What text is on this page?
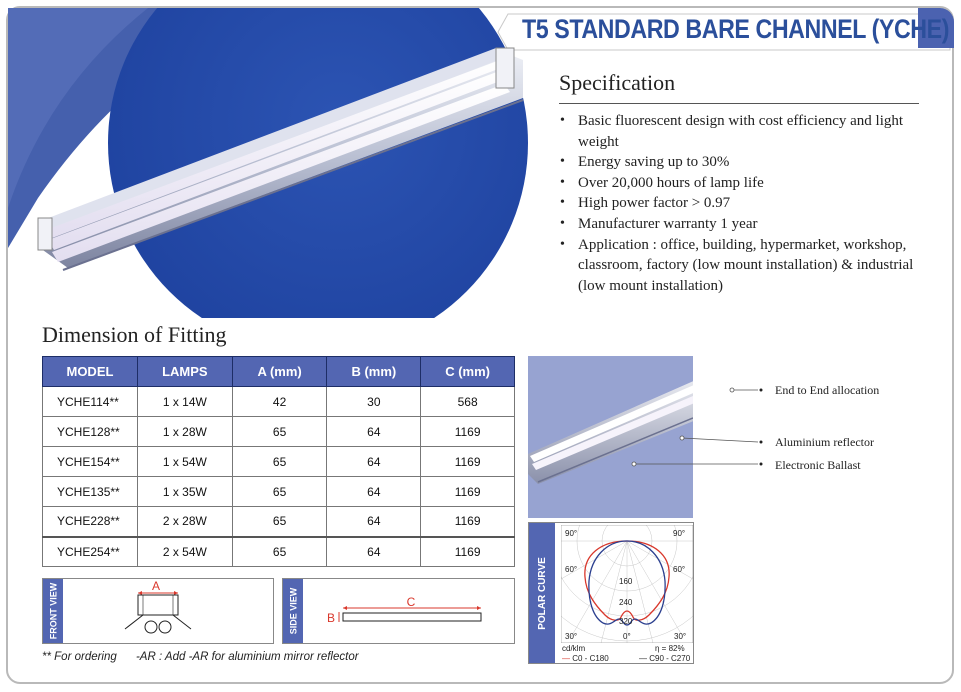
T5 STANDARD BARE CHANNEL (YCHE)
Specification
• Basic fluorescent design with cost efficiency and light weight
• Energy saving up to 30%
• Over 20,000 hours of lamp life
• High power factor > 0.97
• Manufacturer warranty 1 year
• Application : office, building, hypermarket, workshop, classroom, factory (low mount installation) & industrial (low mount installation)
Dimension of Fitting
MODEL	LAMPS	A (mm)	B (mm)	C (mm)
YCHE114**	1 x 14W	42	30	568
YCHE128**	1 x 28W	65	64	1169
YCHE154**	1 x 54W	65	64	1169
YCHE135**	1 x 35W	65	64	1169
YCHE228**	2 x 28W	65	64	1169
YCHE254**	2 x 54W	65	64	1169
FRONT VIEW	A
SIDE VIEW	C
B
** For ordering      -AR : Add -AR for aluminium mirror reflector
End to End allocation
Aluminium reflector
Electronic Ballast
POLAR CURVE
90°	90°
60°	60°
30°	0°	30°
160
240
320
cd/klm	η = 82%
— C0 - C180	— C90 - C270
